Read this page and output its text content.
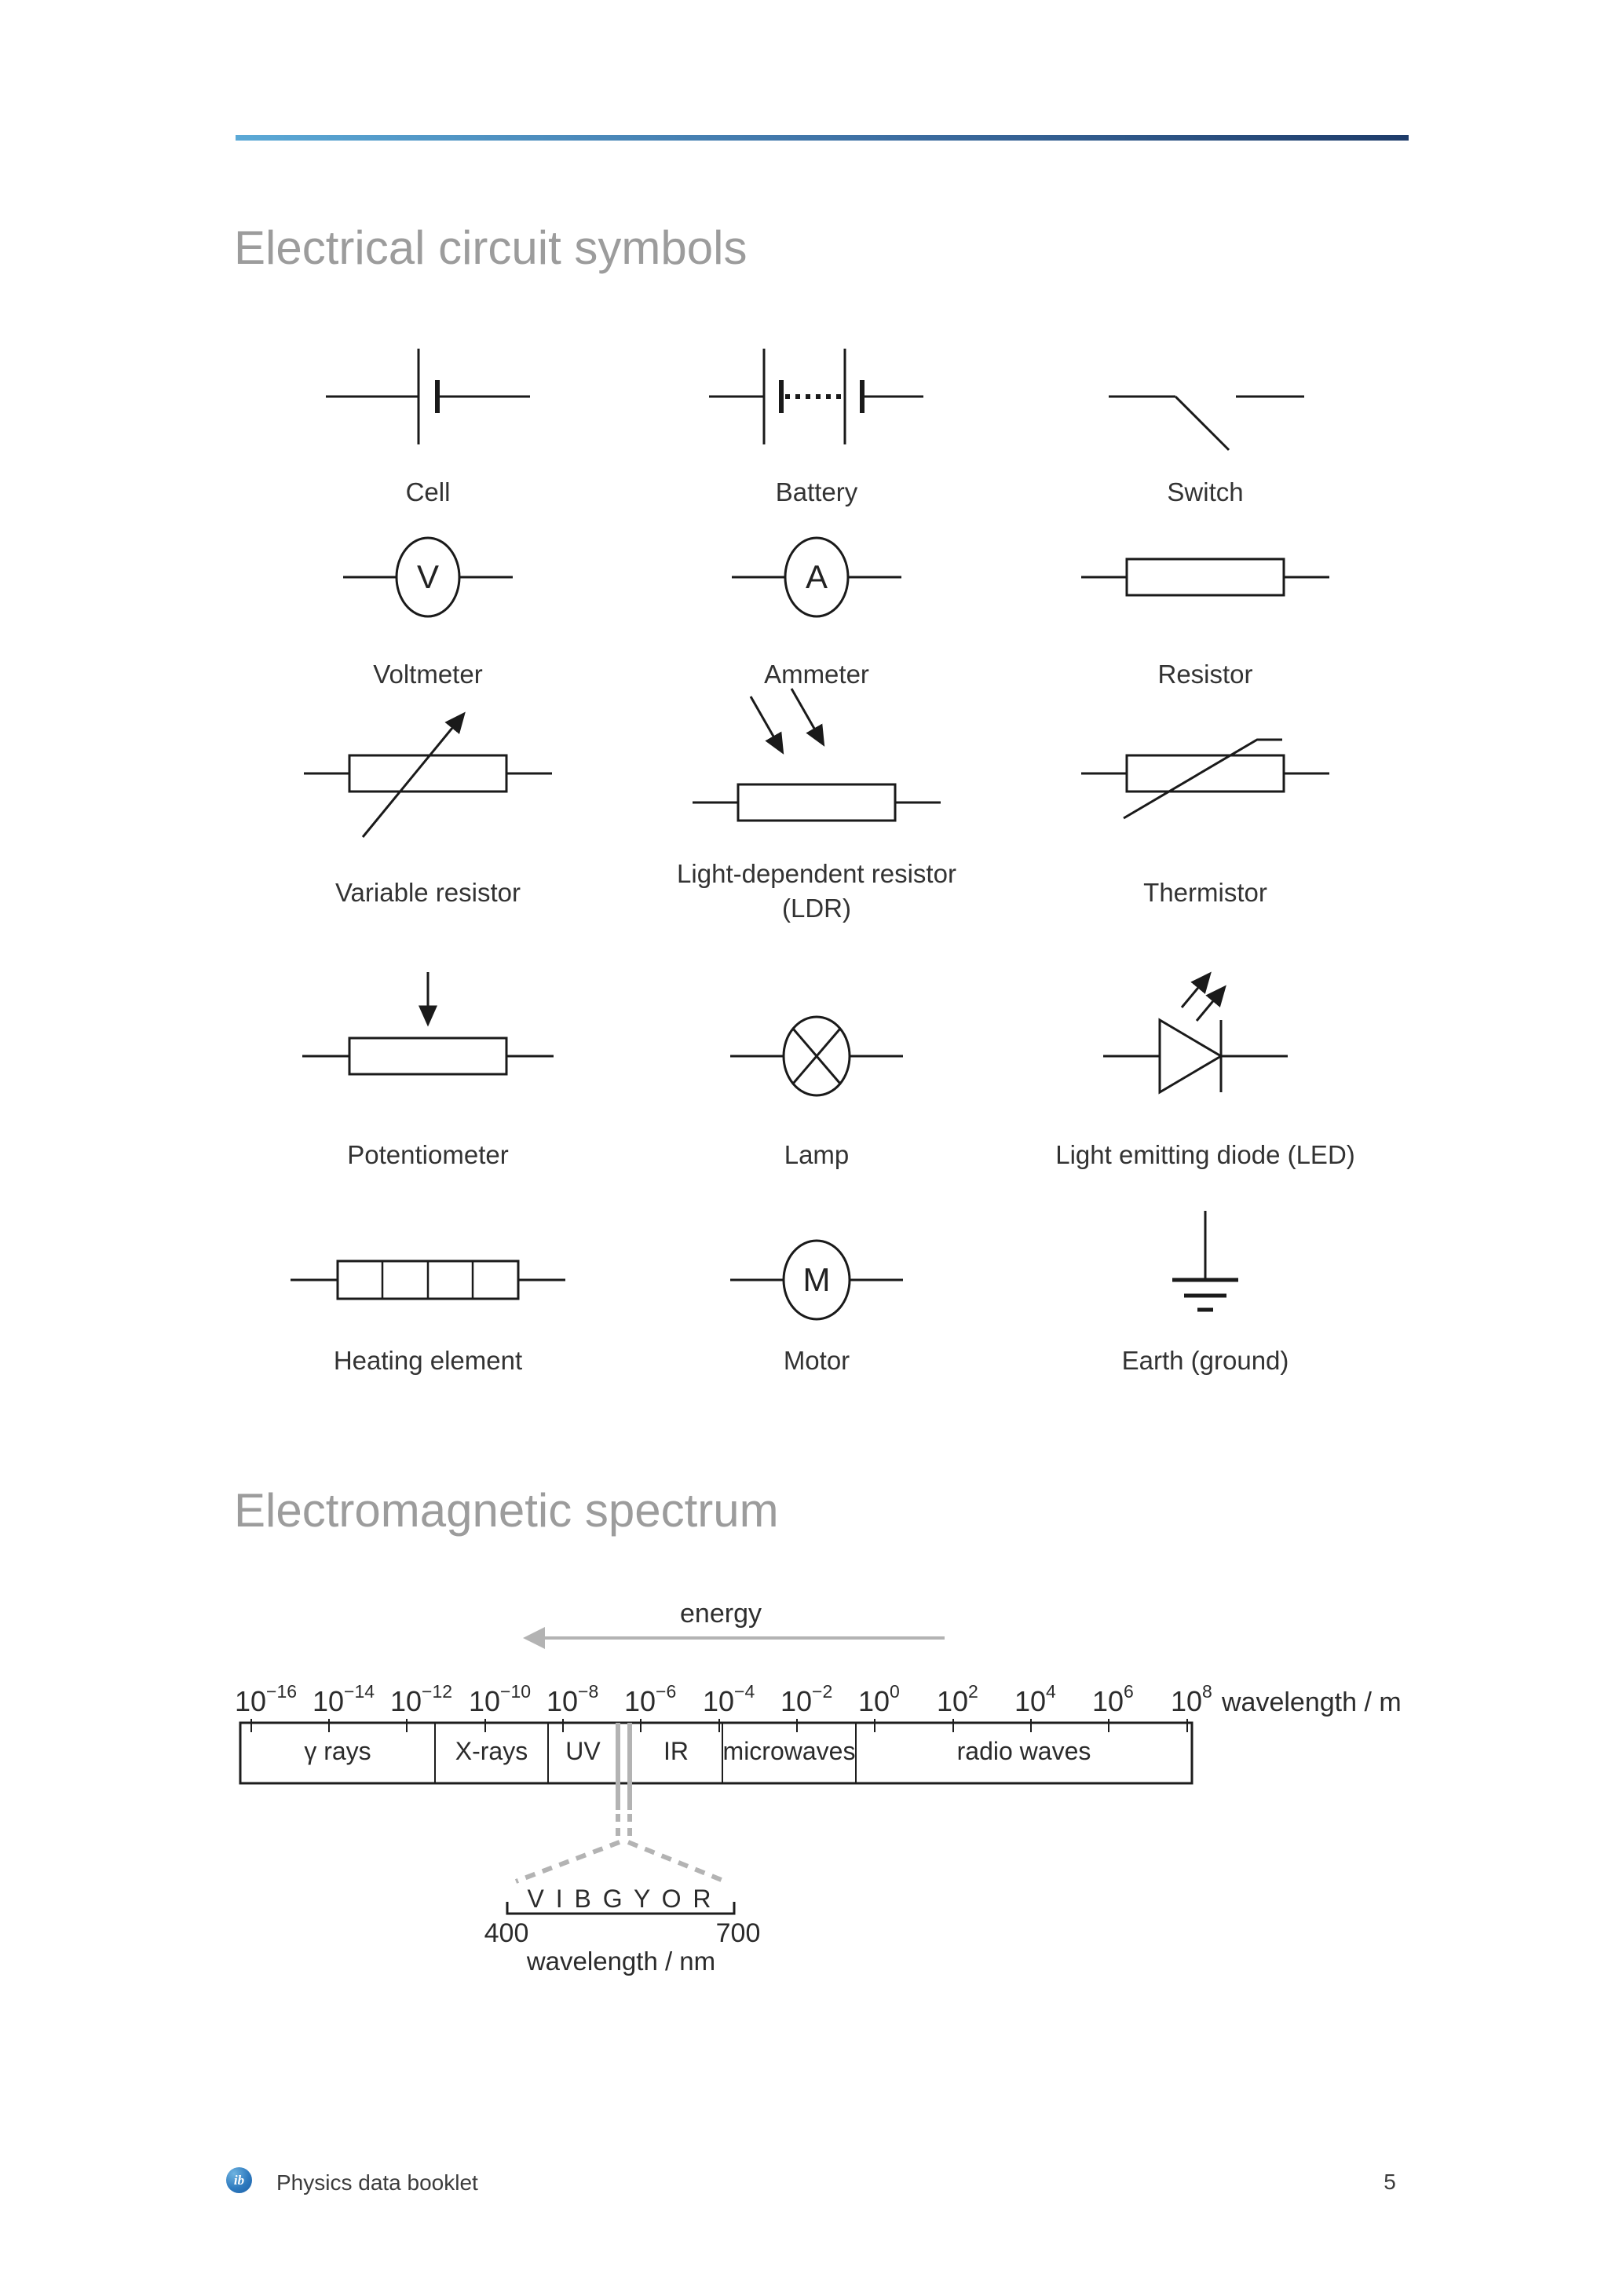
Electrical circuit symbols
Electromagnetic spectrum
V	A
M
Cell	Battery	Switch
Voltmeter	Ammeter	Resistor
Variable resistor
Light-dependent resistor
(LDR)
Thermistor
Potentiometer	Lamp	Light emitting diode (LED)
Heating element	Motor	Earth (ground)
energy
$10^{-16}$ $10^{-14}$ $10^{-12}$ $10^{-10}$ $10^{-8}$ $10^{-6}$ $10^{-4}$ $10^{-2}$ $10^0$ $10^2$ $10^4$ $10^6$ $10^8$ wavelength / m
γ rays	X-rays	UV	IR	microwaves	radio waves
V I B G Y O R
400	700
wavelength / nm
ib Physics data booklet	5
